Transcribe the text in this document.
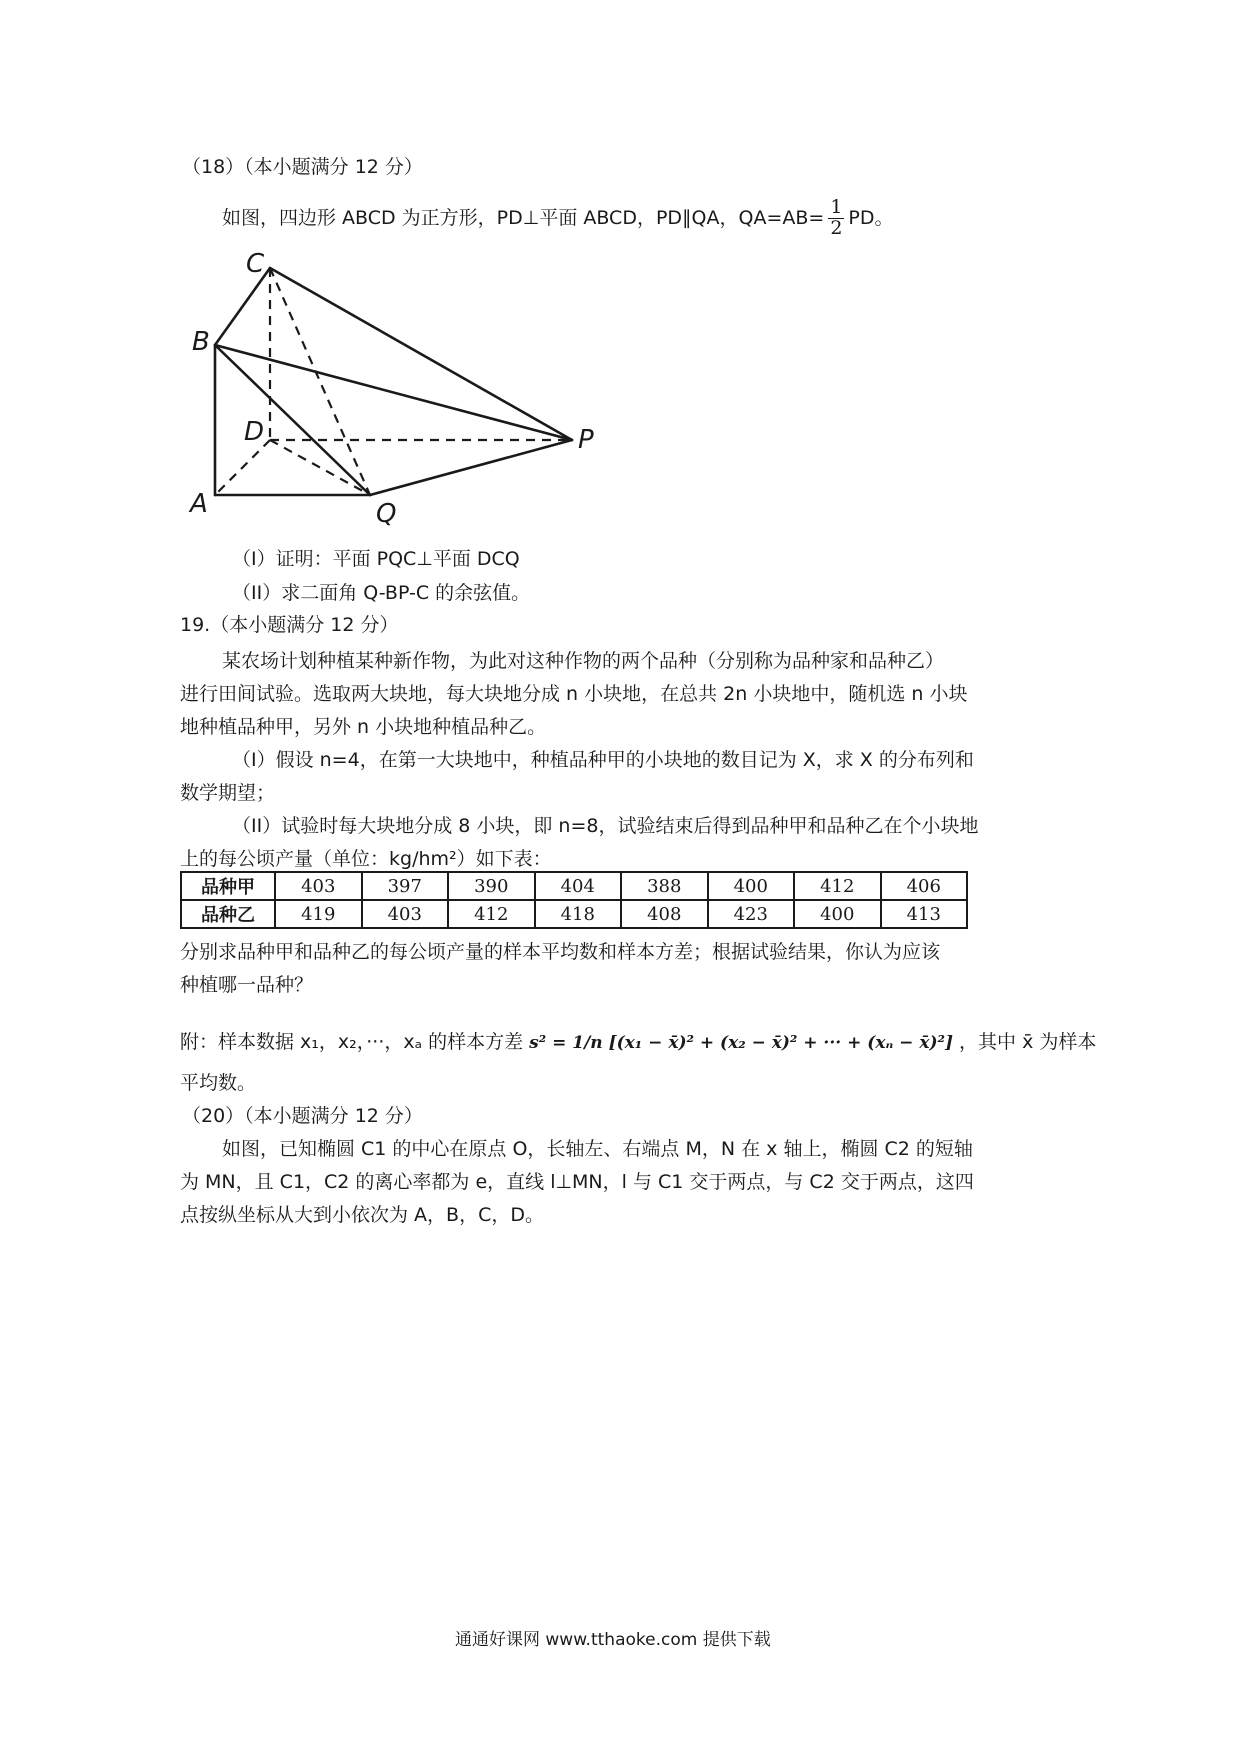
（18）（本小题满分 12 分）
如图，四边形 ABCD 为正方形，PD⊥平面 ABCD，PD∥QA，$QA=AB= \frac{1}{2}$ PD。
C
B
D	P
A	Q
（I）证明：平面 PQC⊥平面 DCQ
（II）求二面角 Q-BP-C 的余弦值。
19.（本小题满分 12 分）
某农场计划种植某种新作物，为此对这种作物的两个品种（分别称为品种家和品种乙）
进行田间试验。选取两大块地，每大块地分成 n 小块地，在总共 2n 小块地中，随机选 n 小块
地种植品种甲，另外 n 小块地种植品种乙。
（I）假设 n=4，在第一大块地中，种植品种甲的小块地的数目记为 X，求 X 的分布列和
数学期望；
（II）试验时每大块地分成 8 小块，即 n=8，试验结束后得到品种甲和品种乙在个小块地
上的每公顷产量（单位：kg/hm²）如下表：
品种甲	403	397	390	404	388	400	412	406
品种乙	419	403	412	418	408	423	400	413
分别求品种甲和品种乙的每公顷产量的样本平均数和样本方差；根据试验结果，你认为应该
种植哪一品种？
附：样本数据 x₁，x₂，···，xₐ 的样本方差 s² = 1/n [(x₁ − x̄)² + (x₂ − x̄)² + ··· + (xₙ − x̄)²] ，其中 x̄ 为样本
平均数。
（20）（本小题满分 12 分）
如图，已知椭圆 C1 的中心在原点 O，长轴左、右端点 M，N 在 x 轴上，椭圆 C2 的短轴
为 MN，且 C1，C2 的离心率都为 e，直线 l⊥MN，l 与 C1 交于两点，与 C2 交于两点，这四
点按纵坐标从大到小依次为 A，B，C，D。
通通好课网 www.tthaoke.com 提供下载
